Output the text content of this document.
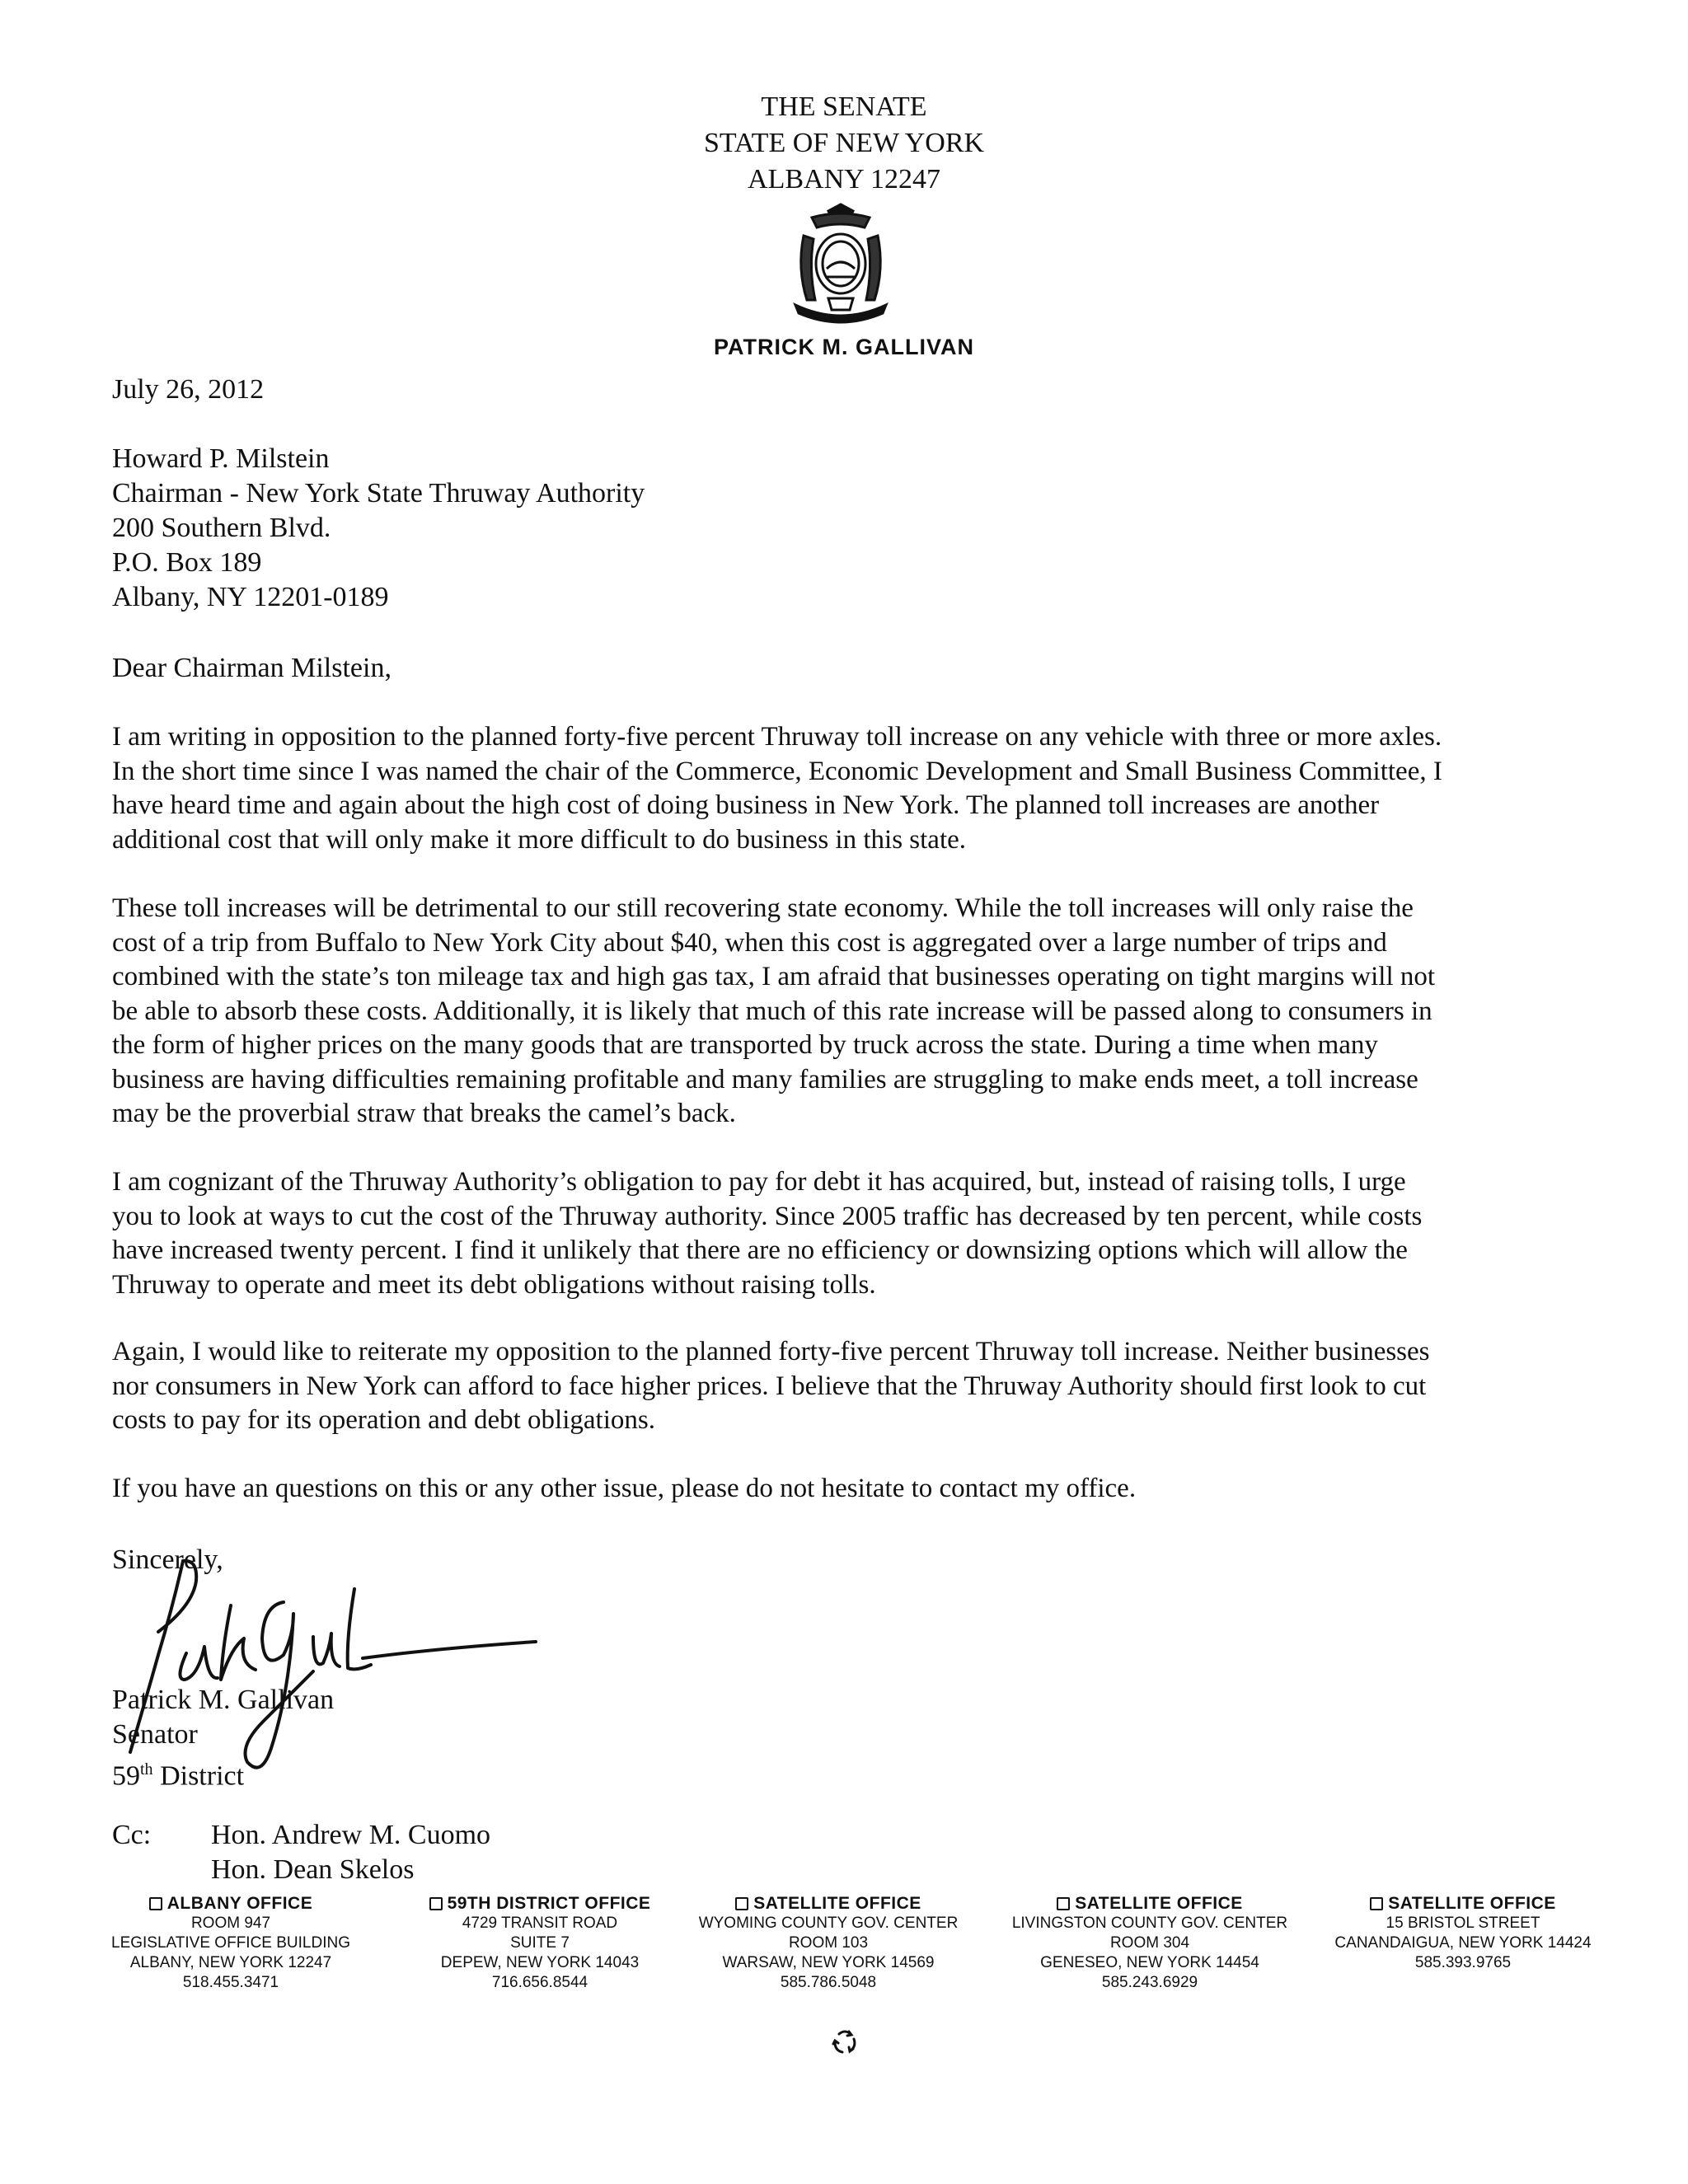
THE SENATE
STATE OF NEW YORK
ALBANY 12247
PATRICK M. GALLIVAN
July 26, 2012
Howard P. Milstein
Chairman - New York State Thruway Authority
200 Southern Blvd.
P.O. Box 189
Albany, NY 12201-0189
Dear Chairman Milstein,
I am writing in opposition to the planned forty-five percent Thruway toll increase on any vehicle with three or more axles.
In the short time since I was named the chair of the Commerce, Economic Development and Small Business Committee, I
have heard time and again about the high cost of doing business in New York. The planned toll increases are another
additional cost that will only make it more difficult to do business in this state.
These toll increases will be detrimental to our still recovering state economy. While the toll increases will only raise the
cost of a trip from Buffalo to New York City about $40, when this cost is aggregated over a large number of trips and
combined with the state’s ton mileage tax and high gas tax, I am afraid that businesses operating on tight margins will not
be able to absorb these costs. Additionally, it is likely that much of this rate increase will be passed along to consumers in
the form of higher prices on the many goods that are transported by truck across the state. During a time when many
business are having difficulties remaining profitable and many families are struggling to make ends meet, a toll increase
may be the proverbial straw that breaks the camel’s back.
I am cognizant of the Thruway Authority’s obligation to pay for debt it has acquired, but, instead of raising tolls, I urge
you to look at ways to cut the cost of the Thruway authority. Since 2005 traffic has decreased by ten percent, while costs
have increased twenty percent. I find it unlikely that there are no efficiency or downsizing options which will allow the
Thruway to operate and meet its debt obligations without raising tolls.
Again, I would like to reiterate my opposition to the planned forty-five percent Thruway toll increase. Neither businesses
nor consumers in New York can afford to face higher prices. I believe that the Thruway Authority should first look to cut
costs to pay for its operation and debt obligations.
If you have an questions on this or any other issue, please do not hesitate to contact my office.
Sincerely,
Patrick M. Gallivan
Senator
59th District
Cc: Hon. Andrew M. Cuomo
Hon. Dean Skelos
ALBANY OFFICE
ROOM 947
LEGISLATIVE OFFICE BUILDING
ALBANY, NEW YORK 12247
518.455.3471
59TH DISTRICT OFFICE
4729 TRANSIT ROAD
SUITE 7
DEPEW, NEW YORK 14043
716.656.8544
SATELLITE OFFICE
WYOMING COUNTY GOV. CENTER
ROOM 103
WARSAW, NEW YORK 14569
585.786.5048
SATELLITE OFFICE
LIVINGSTON COUNTY GOV. CENTER
ROOM 304
GENESEO, NEW YORK 14454
585.243.6929
SATELLITE OFFICE
15 BRISTOL STREET
CANANDAIGUA, NEW YORK 14424
585.393.9765
